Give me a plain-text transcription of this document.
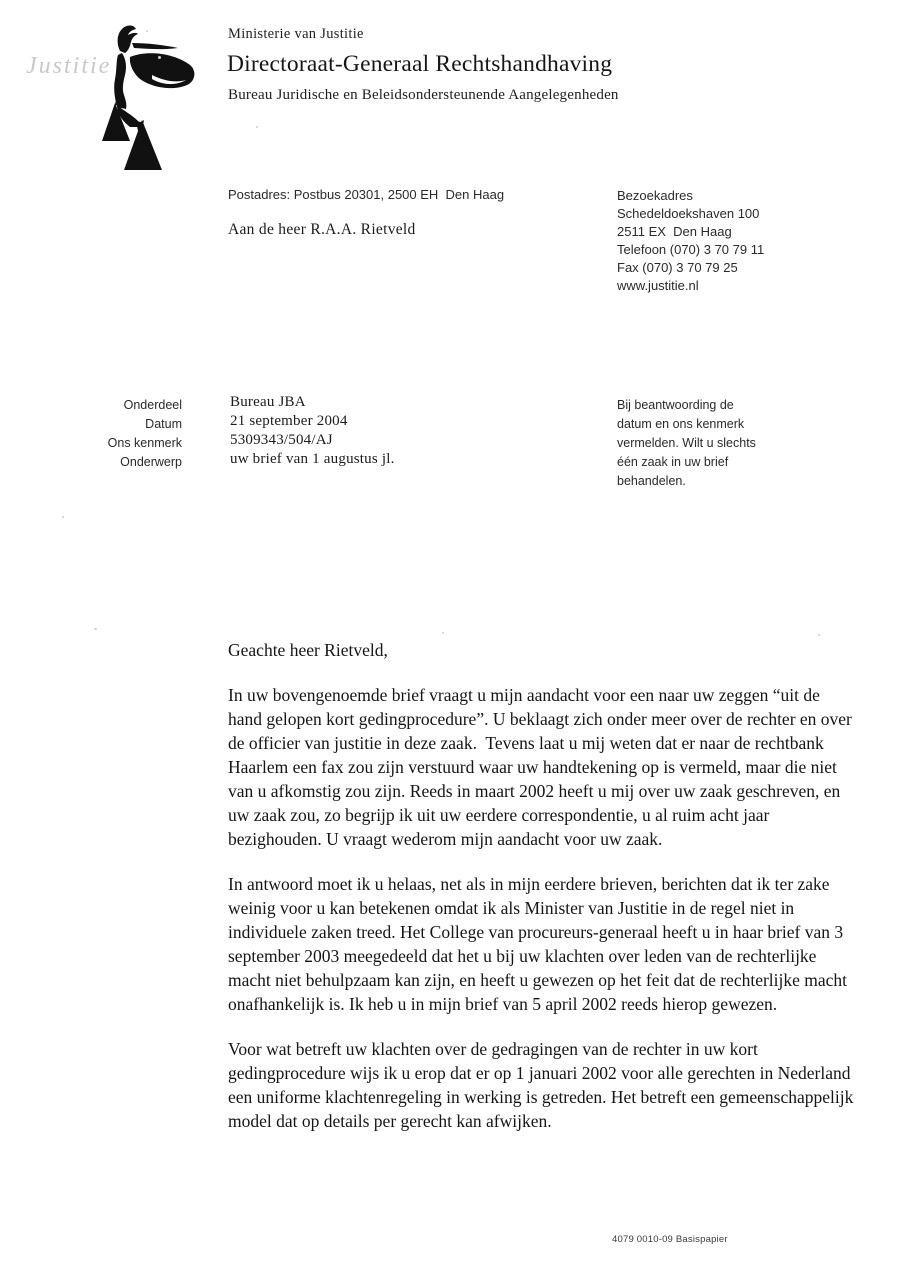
Justitie
Ministerie van Justitie
Directoraat-Generaal Rechtshandhaving
Bureau Juridische en Beleidsondersteunende Aangelegenheden
Postadres: Postbus 20301, 2500 EH  Den Haag
Aan de heer R.A.A. Rietveld
Bezoekadres
Schedeldoekshaven 100
2511 EX  Den Haag
Telefoon (070) 3 70 79 11
Fax (070) 3 70 79 25
www.justitie.nl
Onderdeel
Datum
Ons kenmerk
Onderwerp
Bureau JBA
21 september 2004
5309343/504/AJ
uw brief van 1 augustus jl.
Bij beantwoording de datum en ons kenmerk vermelden. Wilt u slechts één zaak in uw brief behandelen.

Geachte heer Rietveld,

In uw bovengenoemde brief vraagt u mijn aandacht voor een naar uw zeggen “uit de hand gelopen kort gedingprocedure”. U beklaagt zich onder meer over de rechter en over de officier van justitie in deze zaak.  Tevens laat u mij weten dat er naar de rechtbank Haarlem een fax zou zijn verstuurd waar uw handtekening op is vermeld, maar die niet van u afkomstig zou zijn. Reeds in maart 2002 heeft u mij over uw zaak geschreven, en uw zaak zou, zo begrijp ik uit uw eerdere correspondentie, u al ruim acht jaar bezighouden. U vraagt wederom mijn aandacht voor uw zaak.

In antwoord moet ik u helaas, net als in mijn eerdere brieven, berichten dat ik ter zake weinig voor u kan betekenen omdat ik als Minister van Justitie in de regel niet in individuele zaken treed. Het College van procureurs-generaal heeft u in haar brief van 3 september 2003 meegedeeld dat het u bij uw klachten over leden van de rechterlijke macht niet behulpzaam kan zijn, en heeft u gewezen op het feit dat de rechterlijke macht onafhankelijk is. Ik heb u in mijn brief van 5 april 2002 reeds hierop gewezen.

Voor wat betreft uw klachten over de gedragingen van de rechter in uw kort gedingprocedure wijs ik u erop dat er op 1 januari 2002 voor alle gerechten in Nederland een uniforme klachtenregeling in werking is getreden. Het betreft een gemeenschappelijk model dat op details per gerecht kan afwijken.

4079 0010-09 Basispapier
